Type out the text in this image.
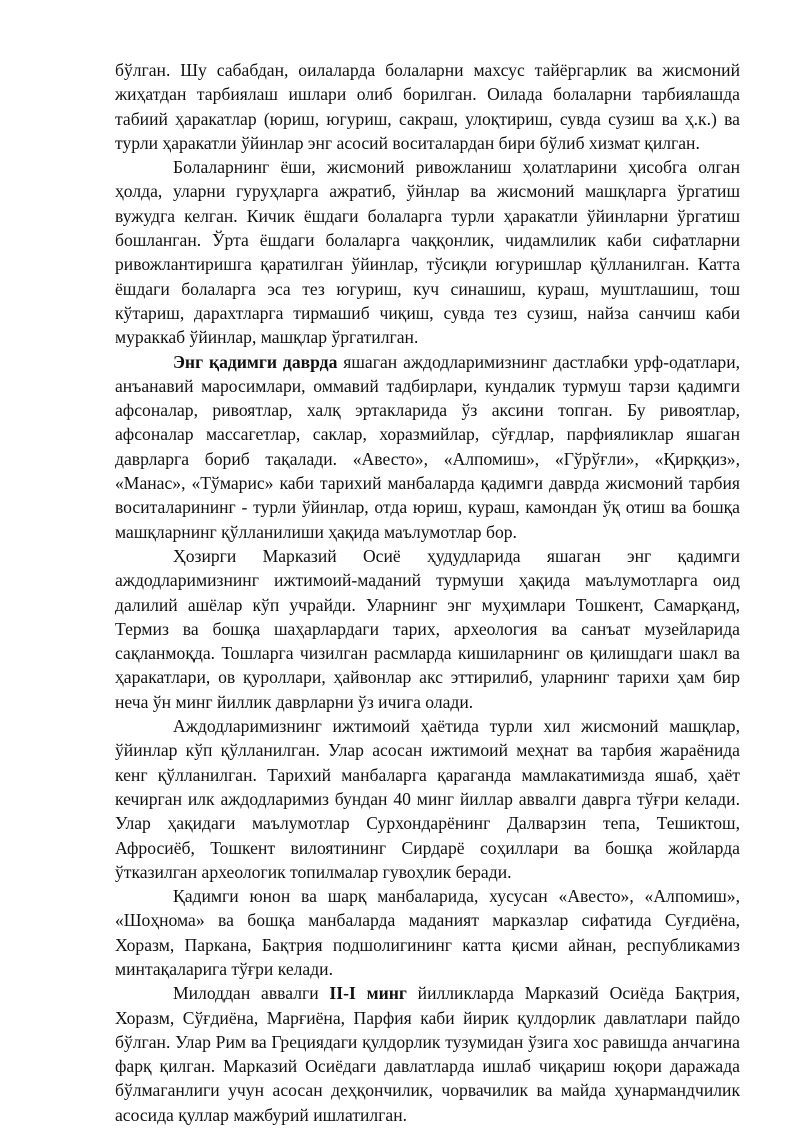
бўлган. Шу сабабдан, оилаларда болаларни махсус тайёргарлик ва жисмоний жиҳатдан тарбиялаш ишлари олиб борилган. Оилада болаларни тарбиялашда табиий ҳаракатлар (юриш, югуриш, сакраш, улоқтириш, сувда сузиш ва ҳ.к.) ва турли ҳаракатли ўйинлар энг асосий воситалардан бири бўлиб хизмат қилган.

Болаларнинг ёши, жисмоний ривожланиш ҳолатларини ҳисобга олган ҳолда, уларни гуруҳларга ажратиб, ўйнлар ва жисмоний машқларга ўргатиш вужудга келган. Кичик ёшдаги болаларга турли ҳаракатли ўйинларни ўргатиш бошланган. Ўрта ёшдаги болаларга чаққонлик, чидамлилик каби сифатларни ривожлантиришга қаратилган ўйинлар, тўсиқли югуришлар қўлланилган. Катта ёшдаги болаларга эса тез югуриш, куч синашиш, кураш, муштлашиш, тош кўтариш, дарахтларга тирмашиб чиқиш, сувда тез сузиш, найза санчиш каби мураккаб ўйинлар, машқлар ўргатилган.

Энг қадимги даврда яшаган аждодларимизнинг дастлабки урф-одатлари, анъанавий маросимлари, оммавий тадбирлари, кундалик турмуш тарзи қадимги афсоналар, ривоятлар, халқ эртакларида ўз аксини топган. Бу ривоятлар, афсоналар массагетлар, саклар, хоразмийлар, сўғдлар, парфияликлар яшаган даврларга бориб тақалади. «Авесто», «Алпомиш», «Гўрўғли», «Қирққиз», «Манас», «Тўмарис» каби тарихий манбаларда қадимги даврда жисмоний тарбия воситаларининг - турли ўйинлар, отда юриш, кураш, камондан ўқ отиш ва бошқа машқларнинг қўлланилиши ҳақида маълумотлар бор.

Ҳозирги Марказий Осиё ҳудудларида яшаган энг қадимги аждодларимизнинг ижтимоий-маданий турмуши ҳақида маълумотларга оид далилий ашёлар кўп учрайди. Уларнинг энг муҳимлари Тошкент, Самарқанд, Термиз ва бошқа шаҳарлардаги тарих, археология ва санъат музейларида сақланмоқда. Тошларга чизилган расмларда кишиларнинг ов қилишдаги шакл ва ҳаракатлари, ов қуроллари, ҳайвонлар акс эттирилиб, уларнинг тарихи ҳам бир неча ўн минг йиллик даврларни ўз ичига олади.

Аждодларимизнинг ижтимоий ҳаётида турли хил жисмоний машқлар, ўйинлар кўп қўлланилган. Улар асосан ижтимоий меҳнат ва тарбия жараёнида кенг қўлланилган. Тарихий манбаларга қараганда мамлакатимизда яшаб, ҳаёт кечирган илк аждодларимиз бундан 40 минг йиллар аввалги даврга тўғри келади. Улар ҳақидаги маълумотлар Сурхондарёнинг Далварзин тепа, Тешиктош, Афросиёб, Тошкент вилоятининг Сирдарё соҳиллари ва бошқа жойларда ўтказилган археологик топилмалар гувоҳлик беради.

Қадимги юнон ва шарқ манбаларида, хусусан «Авесто», «Алпомиш», «Шоҳнома» ва бошқа манбаларда маданият марказлар сифатида Суғдиёна, Хоразм, Паркана, Бақтрия подшолигининг катта қисми айнан, республикамиз минтақаларига тўғри келади.

Милоддан аввалги II-I минг йилликларда Марказий Осиёда Бақтрия, Хоразм, Сўғдиёна, Марғиёна, Парфия каби йирик қулдорлик давлатлари пайдо бўлган. Улар Рим ва Грециядаги қулдорлик тузумидан ўзига хос равишда анчагина фарқ қилган. Марказий Осиёдаги давлатларда ишлаб чиқариш юқори даражада бўлмаганлиги учун асосан деҳқончилик, чорвачилик ва майда ҳунармандчилик асосида қуллар мажбурий ишлатилган.
